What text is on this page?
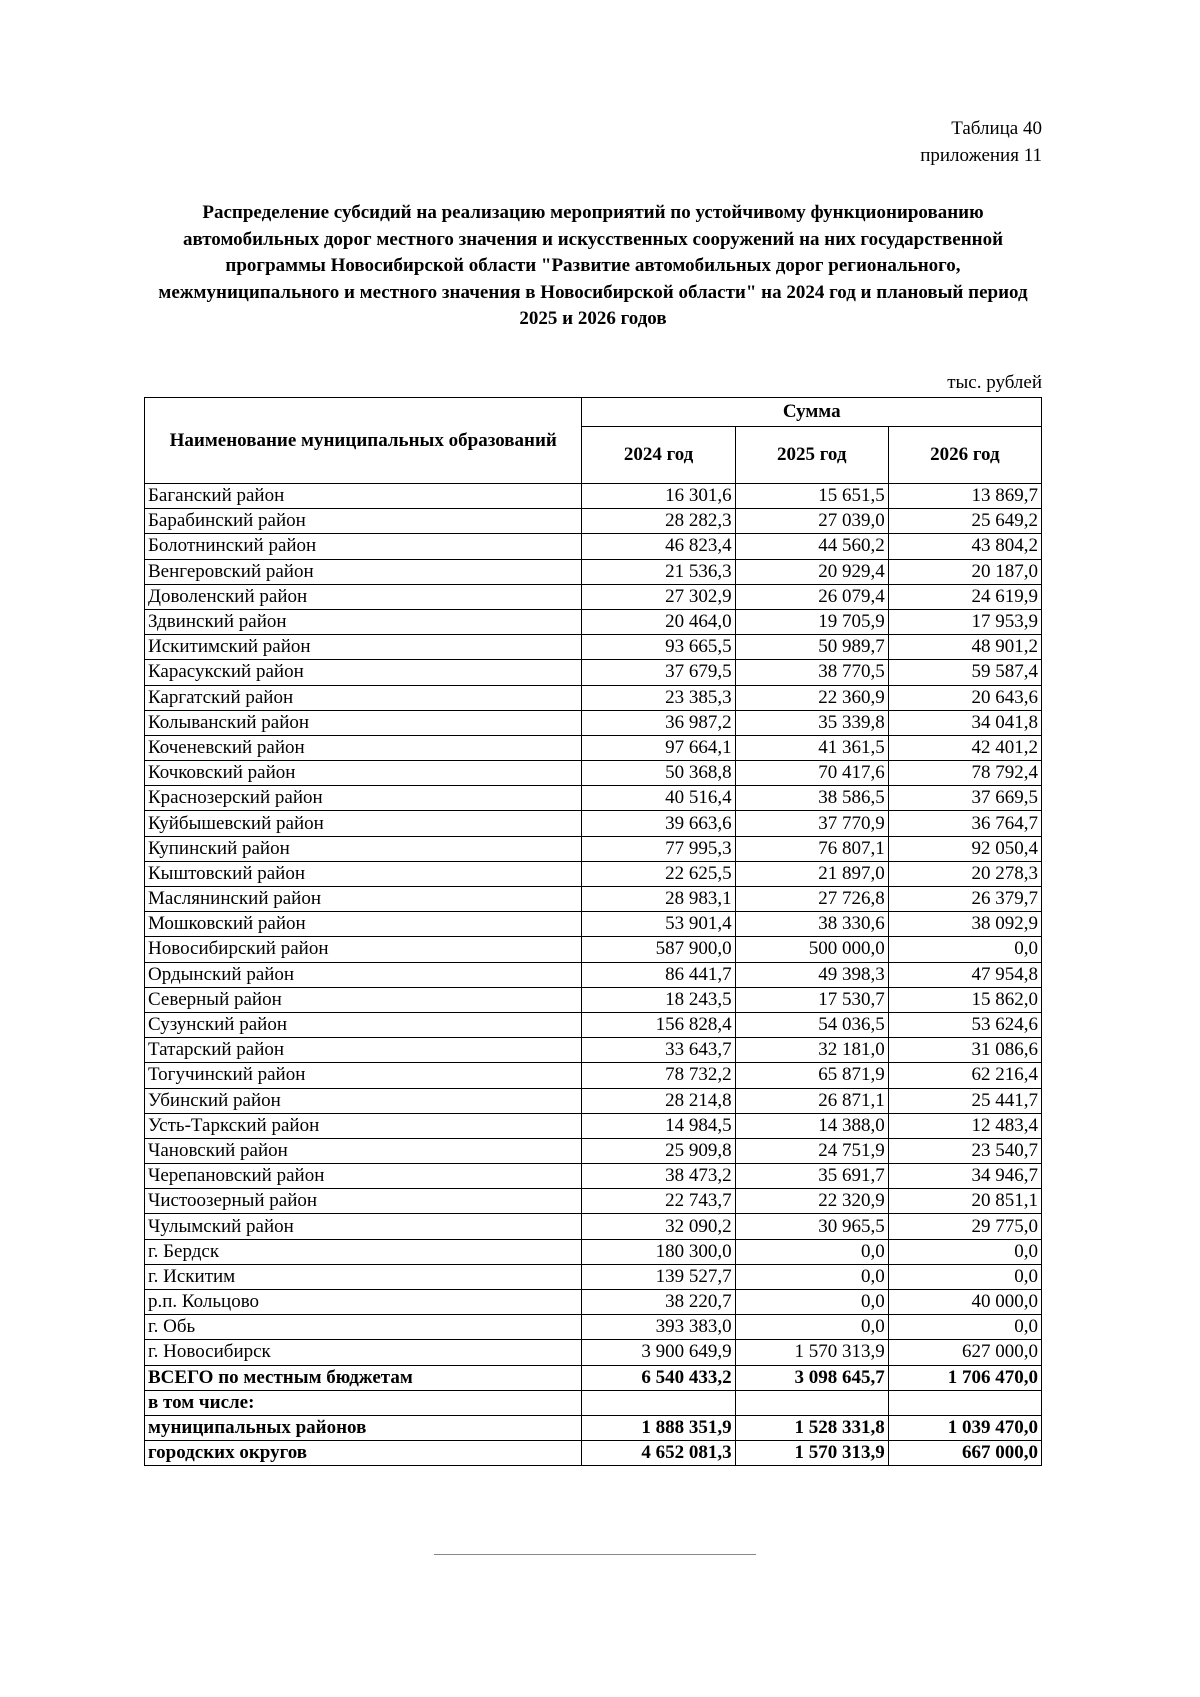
Таблица 40
приложения 11
Распределение субсидий на реализацию мероприятий по устойчивому функционированию автомобильных дорог местного значения и искусственных сооружений на них государственной программы Новосибирской области "Развитие автомобильных дорог регионального, межмуниципального и местного значения в Новосибирской области" на 2024 год и плановый период 2025 и 2026 годов
тыс. рублей
Наименование муниципальных образований	Сумма		
	2024 год	2025 год	2026 год
Баганский район	16 301,6	15 651,5	13 869,7
Барабинский район	28 282,3	27 039,0	25 649,2
Болотнинский район	46 823,4	44 560,2	43 804,2
Венгеровский район	21 536,3	20 929,4	20 187,0
Доволенский район	27 302,9	26 079,4	24 619,9
Здвинский район	20 464,0	19 705,9	17 953,9
Искитимский район	93 665,5	50 989,7	48 901,2
Карасукский район	37 679,5	38 770,5	59 587,4
Каргатский район	23 385,3	22 360,9	20 643,6
Колыванский район	36 987,2	35 339,8	34 041,8
Коченевский район	97 664,1	41 361,5	42 401,2
Кочковский район	50 368,8	70 417,6	78 792,4
Краснозерский район	40 516,4	38 586,5	37 669,5
Куйбышевский район	39 663,6	37 770,9	36 764,7
Купинский район	77 995,3	76 807,1	92 050,4
Кыштовский район	22 625,5	21 897,0	20 278,3
Маслянинский район	28 983,1	27 726,8	26 379,7
Мошковский район	53 901,4	38 330,6	38 092,9
Новосибирский район	587 900,0	500 000,0	0,0
Ордынский район	86 441,7	49 398,3	47 954,8
Северный район	18 243,5	17 530,7	15 862,0
Сузунский район	156 828,4	54 036,5	53 624,6
Татарский район	33 643,7	32 181,0	31 086,6
Тогучинский район	78 732,2	65 871,9	62 216,4
Убинский район	28 214,8	26 871,1	25 441,7
Усть-Таркский район	14 984,5	14 388,0	12 483,4
Чановский район	25 909,8	24 751,9	23 540,7
Черепановский район	38 473,2	35 691,7	34 946,7
Чистоозерный район	22 743,7	22 320,9	20 851,1
Чулымский район	32 090,2	30 965,5	29 775,0
г. Бердск	180 300,0	0,0	0,0
г. Искитим	139 527,7	0,0	0,0
р.п. Кольцово	38 220,7	0,0	40 000,0
г. Обь	393 383,0	0,0	0,0
г. Новосибирск	3 900 649,9	1 570 313,9	627 000,0
ВСЕГО по местным бюджетам	6 540 433,2	3 098 645,7	1 706 470,0
в том числе:			
муниципальных районов	1 888 351,9	1 528 331,8	1 039 470,0
городских округов	4 652 081,3	1 570 313,9	667 000,0
